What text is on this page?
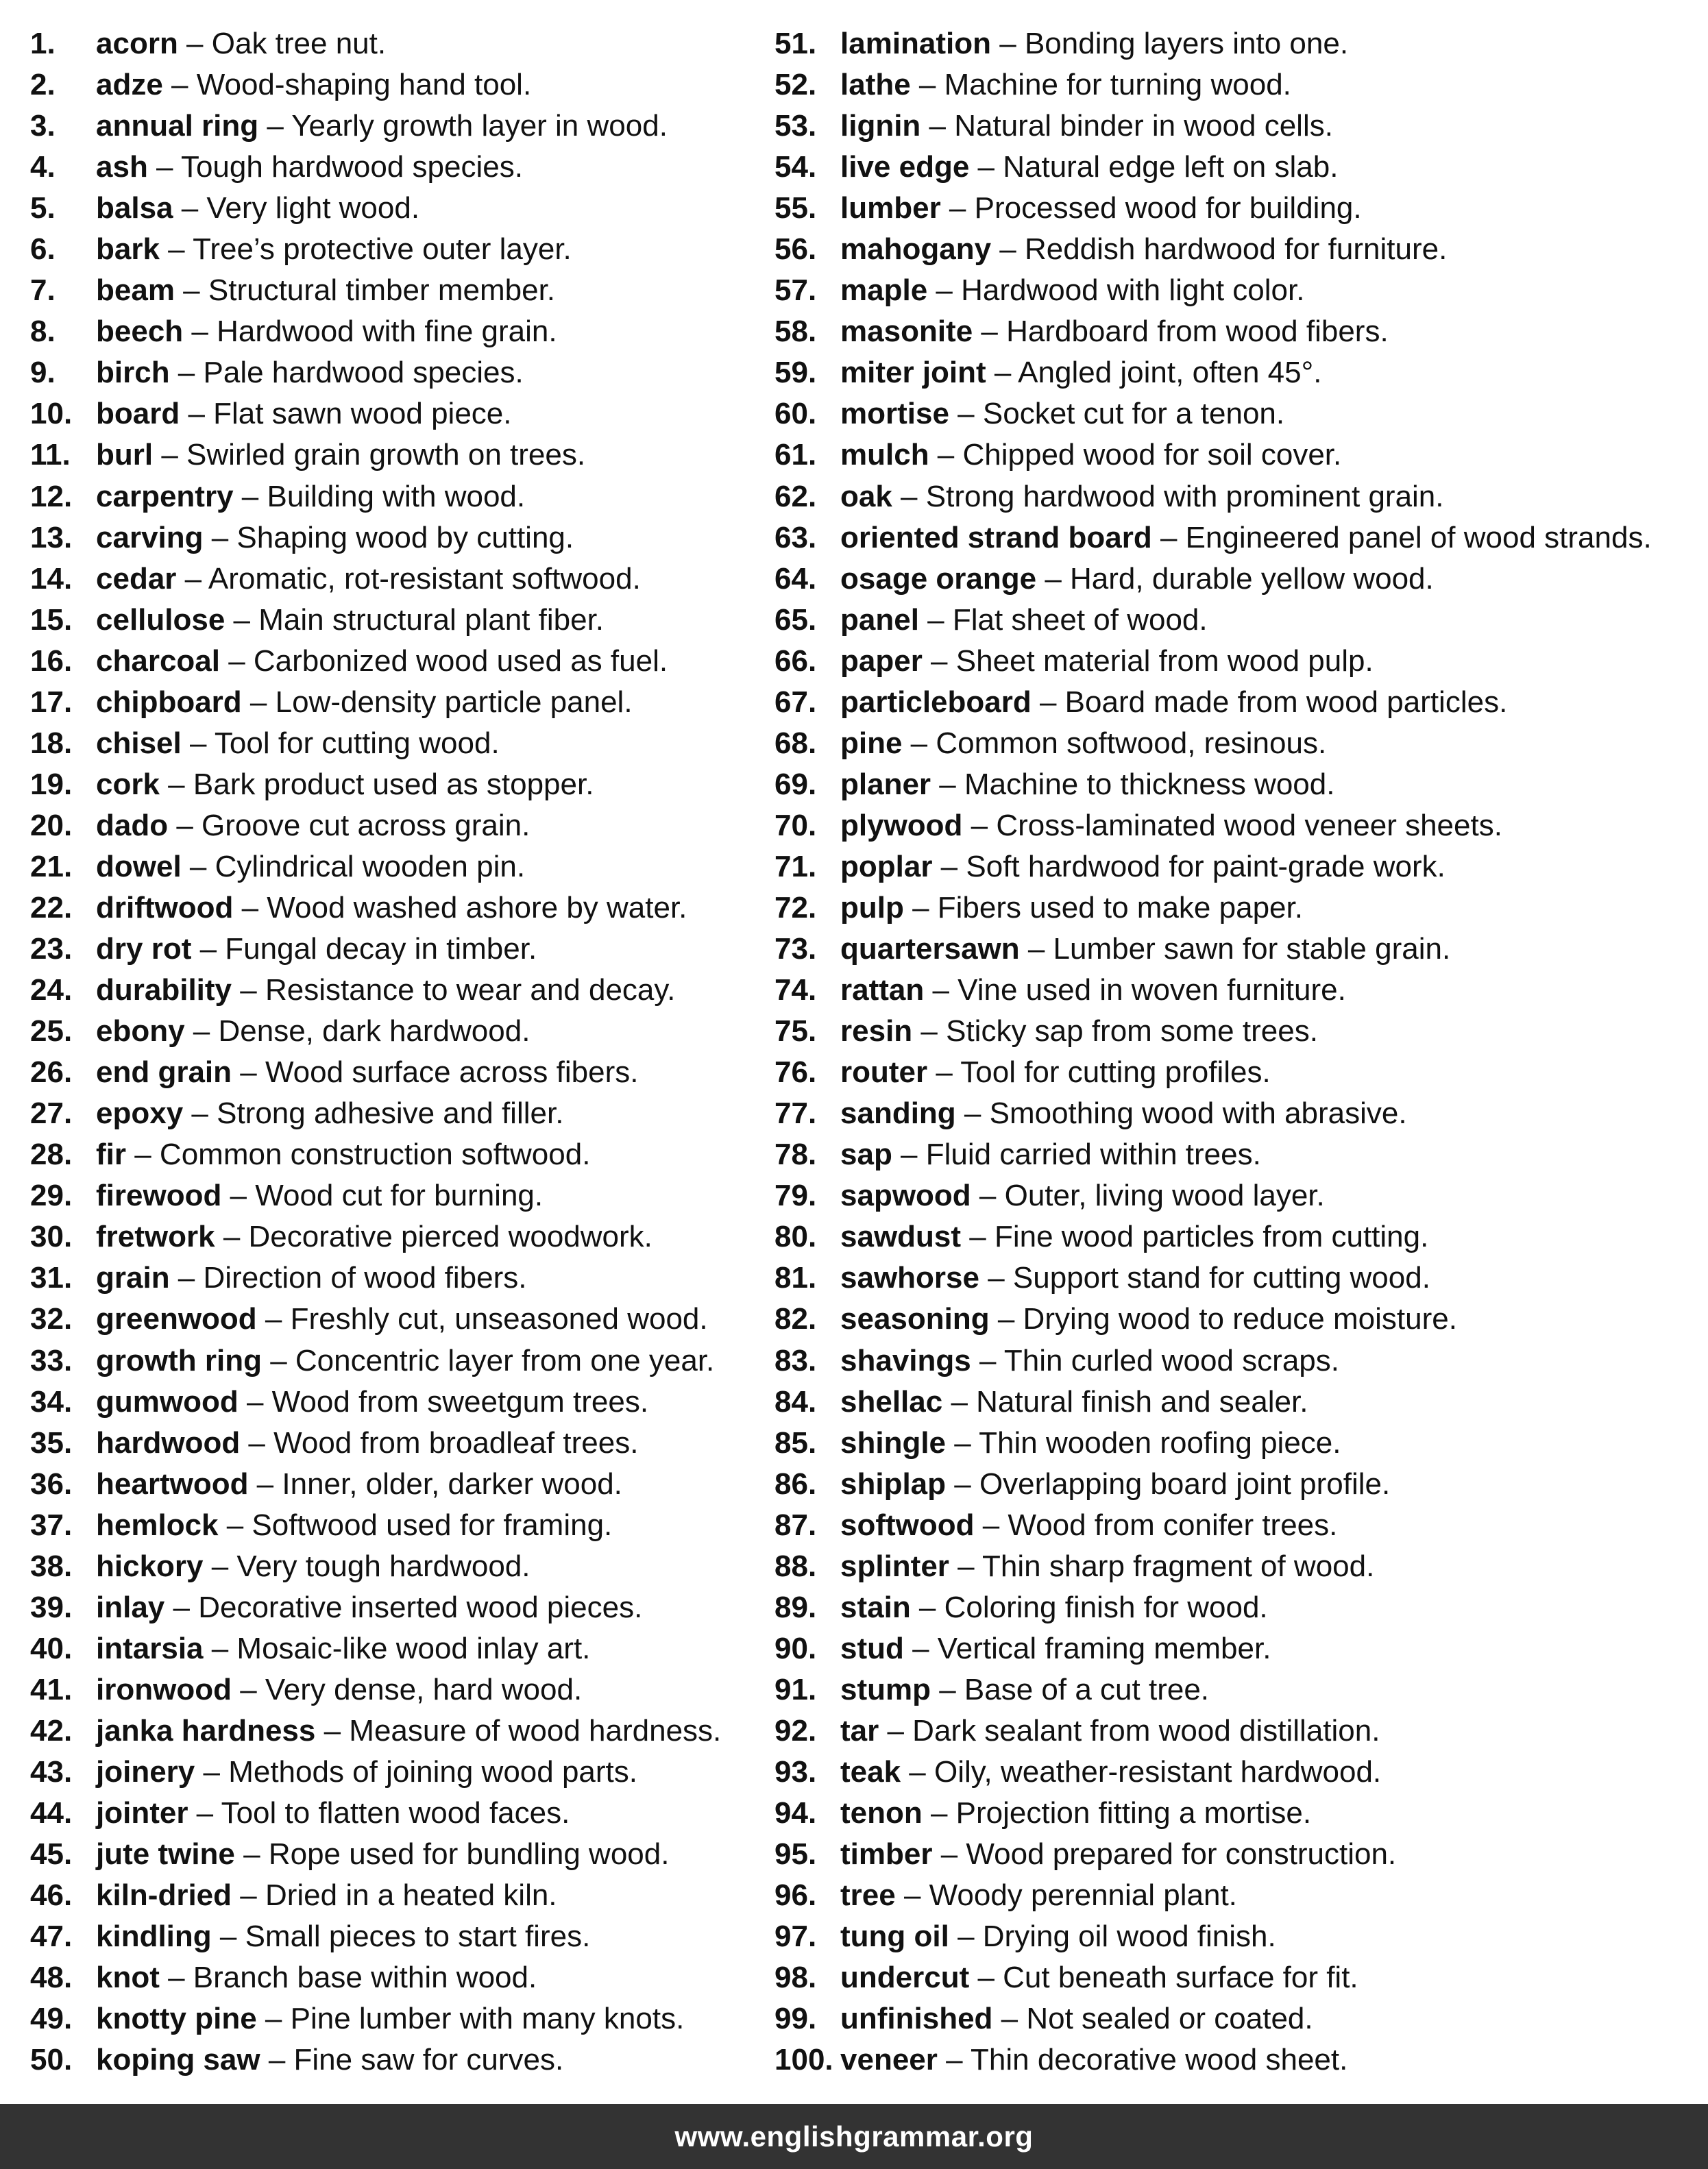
1.	acorn – Oak tree nut.
2.	adze – Wood-shaping hand tool.
3.	annual ring – Yearly growth layer in wood.
4.	ash – Tough hardwood species.
5.	balsa – Very light wood.
6.	bark – Tree’s protective outer layer.
7.	beam – Structural timber member.
8.	beech – Hardwood with fine grain.
9.	birch – Pale hardwood species.
10. board – Flat sawn wood piece.
11. burl – Swirled grain growth on trees.
12. carpentry – Building with wood.
13. carving – Shaping wood by cutting.
14. cedar – Aromatic, rot-resistant softwood.
15. cellulose – Main structural plant fiber.
16. charcoal – Carbonized wood used as fuel.
17. chipboard – Low-density particle panel.
18. chisel – Tool for cutting wood.
19. cork – Bark product used as stopper.
20. dado – Groove cut across grain.
21. dowel – Cylindrical wooden pin.
22. driftwood – Wood washed ashore by water.
23. dry rot – Fungal decay in timber.
24. durability – Resistance to wear and decay.
25. ebony – Dense, dark hardwood.
26. end grain – Wood surface across fibers.
27. epoxy – Strong adhesive and filler.
28. fir – Common construction softwood.
29. firewood – Wood cut for burning.
30. fretwork – Decorative pierced woodwork.
31. grain – Direction of wood fibers.
32. greenwood – Freshly cut, unseasoned wood.
33. growth ring – Concentric layer from one year.
34. gumwood – Wood from sweetgum trees.
35. hardwood – Wood from broadleaf trees.
36. heartwood – Inner, older, darker wood.
37. hemlock – Softwood used for framing.
38. hickory – Very tough hardwood.
39. inlay – Decorative inserted wood pieces.
40. intarsia – Mosaic-like wood inlay art.
41. ironwood – Very dense, hard wood.
42. janka hardness – Measure of wood hardness.
43. joinery – Methods of joining wood parts.
44. jointer – Tool to flatten wood faces.
45. jute twine – Rope used for bundling wood.
46. kiln-dried – Dried in a heated kiln.
47. kindling – Small pieces to start fires.
48. knot – Branch base within wood.
49. knotty pine – Pine lumber with many knots.
50. koping saw – Fine saw for curves.
51. lamination – Bonding layers into one.
52. lathe – Machine for turning wood.
53. lignin – Natural binder in wood cells.
54. live edge – Natural edge left on slab.
55. lumber – Processed wood for building.
56. mahogany – Reddish hardwood for furniture.
57. maple – Hardwood with light color.
58. masonite – Hardboard from wood fibers.
59. miter joint – Angled joint, often 45°.
60. mortise – Socket cut for a tenon.
61. mulch – Chipped wood for soil cover.
62. oak – Strong hardwood with prominent grain.
63. oriented strand board – Engineered panel of wood strands.
64. osage orange – Hard, durable yellow wood.
65. panel – Flat sheet of wood.
66. paper – Sheet material from wood pulp.
67. particleboard – Board made from wood particles.
68. pine – Common softwood, resinous.
69. planer – Machine to thickness wood.
70. plywood – Cross-laminated wood veneer sheets.
71. poplar – Soft hardwood for paint-grade work.
72. pulp – Fibers used to make paper.
73. quartersawn – Lumber sawn for stable grain.
74. rattan – Vine used in woven furniture.
75. resin – Sticky sap from some trees.
76. router – Tool for cutting profiles.
77. sanding – Smoothing wood with abrasive.
78. sap – Fluid carried within trees.
79. sapwood – Outer, living wood layer.
80. sawdust – Fine wood particles from cutting.
81. sawhorse – Support stand for cutting wood.
82. seasoning – Drying wood to reduce moisture.
83. shavings – Thin curled wood scraps.
84. shellac – Natural finish and sealer.
85. shingle – Thin wooden roofing piece.
86. shiplap – Overlapping board joint profile.
87. softwood – Wood from conifer trees.
88. splinter – Thin sharp fragment of wood.
89. stain – Coloring finish for wood.
90. stud – Vertical framing member.
91. stump – Base of a cut tree.
92. tar – Dark sealant from wood distillation.
93. teak – Oily, weather-resistant hardwood.
94. tenon – Projection fitting a mortise.
95. timber – Wood prepared for construction.
96. tree – Woody perennial plant.
97. tung oil – Drying oil wood finish.
98. undercut – Cut beneath surface for fit.
99. unfinished – Not sealed or coated.
100. veneer – Thin decorative wood sheet.
www.englishgrammar.org
